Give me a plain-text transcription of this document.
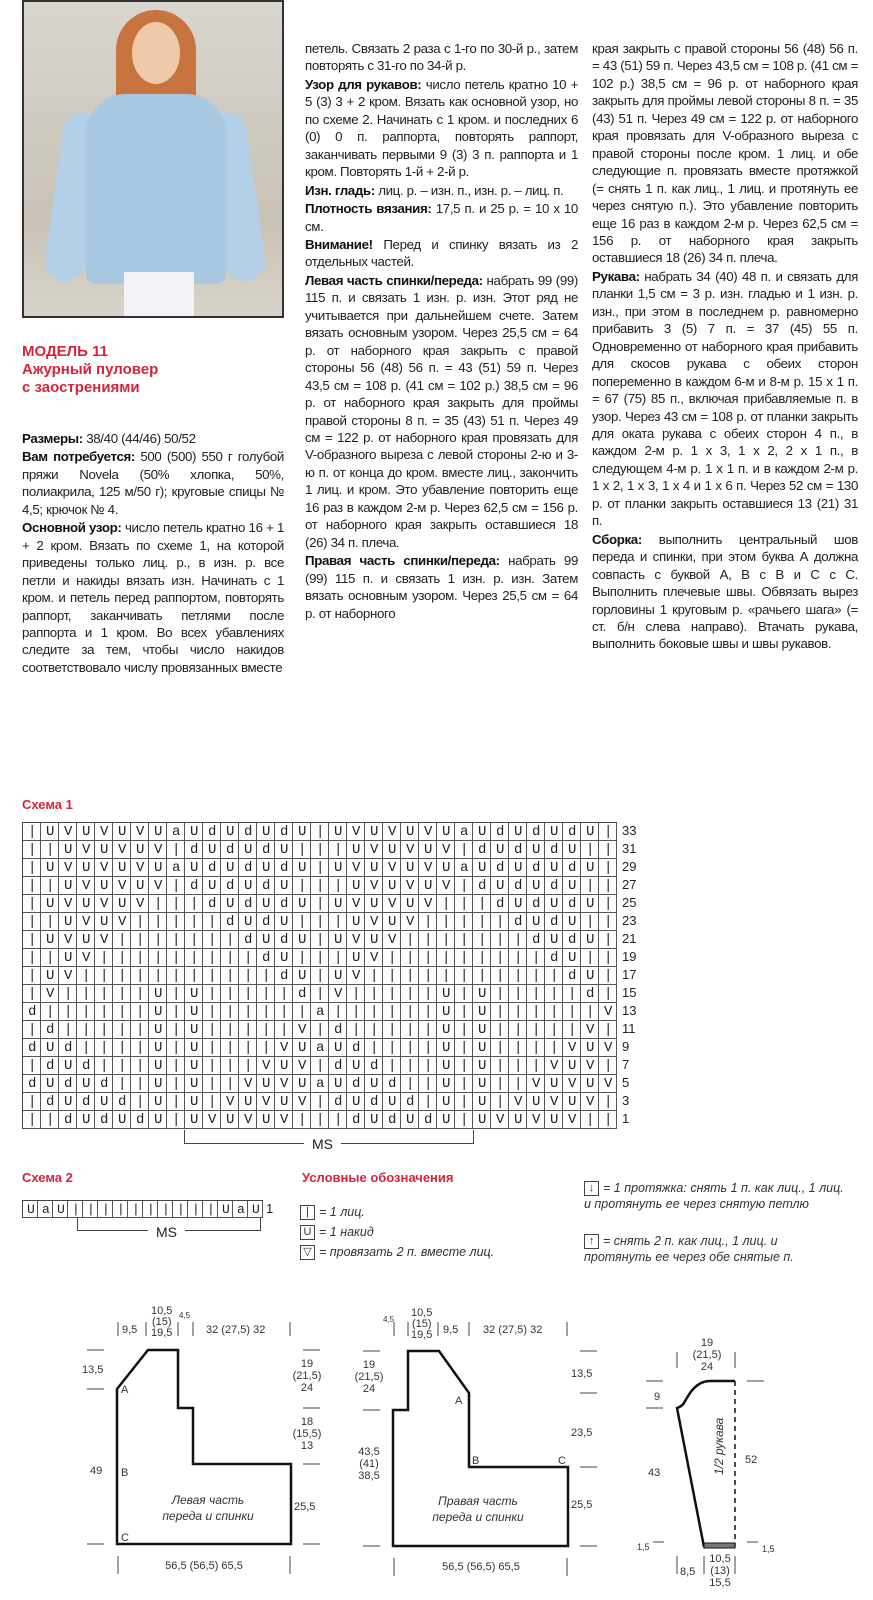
МОДЕЛЬ 11
Ажурный пуловер
с заострениями

Размеры: 38/40 (44/46) 50/52

Вам потребуется: 500 (500) 550 г голубой пряжи Novela (50% хлопка, 50%, полиакрила, 125 м/50 г); круговые спицы № 4,5; крючок № 4.

Основной узор: число петель кратно 16 + 1 + 2 кром. Вязать по схеме 1, на которой приведены только лиц. р., в изн. р. все петли и накиды вязать изн. Начинать с 1 кром. и петель перед раппортом, повторять раппорт, заканчивать петлями после раппорта и 1 кром. Во всех убавлениях следите за тем, чтобы число накидов соответствовало числу провязанных вместе

петель. Связать 2 раза с 1-го по 30-й р., затем повторять с 31-го по 34-й р.

Узор для рукавов: число петель кратно 10 + 5 (3) 3 + 2 кром. Вязать как основной узор, но по схеме 2. Начинать с 1 кром. и последних 6 (0) 0 п. раппорта, повторять раппорт, заканчивать первыми 9 (3) 3 п. раппорта и 1 кром. Повторять 1-й + 2-й р.

Изн. гладь: лиц. р. – изн. п., изн. р. – лиц. п.

Плотность вязания: 17,5 п. и 25 р. = 10 х 10 см.

Внимание! Перед и спинку вязать из 2 отдельных частей.

Левая часть спинки/переда: набрать 99 (99) 115 п. и связать 1 изн. р. изн. Этот ряд не учитывается при дальнейшем счете. Затем вязать основным узором. Через 25,5 см = 64 р. от наборного края закрыть с правой стороны 56 (48) 56 п. = 43 (51) 59 п. Через 43,5 см = 108 р. (41 см = 102 р.) 38,5 см = 96 р. от наборного края закрыть для проймы правой стороны 8 п. = 35 (43) 51 п. Через 49 см = 122 р. от наборного края провязать для V-образного выреза с левой стороны 2-ю и 3-ю п. от конца до кром. вместе лиц., закончить 1 лиц. и кром. Это убавление повторить еще 16 раз в каждом 2-м р. Через 62,5 см = 156 р. от наборного края закрыть оставшиеся 18 (26) 34 п. плеча.

Правая часть спинки/переда: набрать 99 (99) 115 п. и связать 1 изн. р. изн. Затем вязать основным узором. Через 25,5 см = 64 р. от наборного

края закрыть с правой стороны 56 (48) 56 п. = 43 (51) 59 п. Через 43,5 см = 108 р. (41 см = 102 р.) 38,5 см = 96 р. от наборного края закрыть для проймы левой стороны 8 п. = 35 (43) 51 п. Через 49 см = 122 р. от наборного края провязать для V-образного выреза с правой стороны после кром. 1 лиц. и обе следующие п. провязать вместе протяжкой (= снять 1 п. как лиц., 1 лиц. и протянуть ее через снятую п.). Это убавление повторить еще 16 раз в каждом 2-м р. Через 62,5 см = 156 р. от наборного края закрыть оставшиеся 18 (26) 34 п. плеча.

Рукава: набрать 34 (40) 48 п. и связать для планки 1,5 см = 3 р. изн. гладью и 1 изн. р. изн., при этом в последнем р. равномерно прибавить 3 (5) 7 п. = 37 (45) 55 п. Одновременно от наборного края прибавить для скосов рукава с обеих сторон попеременно в каждом 6-м и 8-м р. 15 х 1 п. = 67 (75) 85 п., включая прибавляемые п. в узор. Через 43 см = 108 р. от планки закрыть для оката рукава с обеих сторон 4 п., в каждом 2-м р. 1 х 3, 1 х 2, 2 х 1 п., в следующем 4-м р. 1 х 1 п. и в каждом 2-м р. 1 х 2, 1 х 3, 1 х 4 и 1 х 6 п. Через 52 см = 130 р. от планки закрыть оставшиеся 13 (21) 31 п.

Сборка: выполнить центральный шов переда и спинки, при этом буква А должна совпасть с буквой А, В с В и С с С. Выполнить плечевые швы. Обвязать вырез горловины 1 круговым р. «рачьего шага» (= ст. б/н слева направо). Втачать рукава, выполнить боковые швы и швы рукавов.

Схема 1
|UVUVUVUaUdUdUdU|UVUVUVUaUdUdUdU|
||UVUVUV|dUdUdU|||UVUVUV|dUdUdU||
|UVUVUVUaUdUdUdU|UVUVUVUaUdUdUdU|
||UVUVUV|dUdUdU|||UVUVUV|dUdUdU||
|UVUVUV|||dUdUdU|UVUVUV|||dUdUdU|
||UVUV|||||dUdU|||UVUV|||||dUdU||
|UVUV|||||||dUdU|UVUV|||||||dUdU|
||UV|||||||||dU|||UV|||||||||dU||
|UV|||||||||||dU|UV|||||||||||dU|
|V|||||U|U|||||d|V|||||U|U|||||d|
d||||||U|U||||||a||||||U|U||||||V
|d|||||U|U|||||V|d|||||U|U|||||V|
dUd||||U|U||||VUaUd||||U|U||||VUV
|dUd|||U|U|||VUV|dUd|||U|U|||VUV|
dUdUd||U|U||VUVUaUdUd||U|U||VUVUV
|dUdUd|U|U|VUVUV|dUdUd|U|U|VUVUV|
||dUdUdU|UVUVUV|||dUdUdU|UVUVUV||
33
31
29
27
25
23
21
19
17
15
13
11
9
7
5
3
1
MS
Схема 2
UaU||||||||||UaU
1
MS
Условные обозначения
| = 1 лиц.
U = 1 накид
▽ = провязать 2 п. вместе лиц.
↓ = 1 протяжка: снять 1 п. как лиц., 1 лиц. и протянуть ее через снятую петлю
↑ = снять 2 п. как лиц., 1 лиц. и протянуть ее через обе снятые п.
9,5
10,5
(15)
19,5
4,5
32 (27,5) 32
13,5
49
19
(21,5)
24
18
(15,5)
13
25,5
A
B
C
Левая часть
переда и спинки
56,5 (56,5) 65,5
4,5
10,5
(15)
19,5 9,5 32 (27,5) 32
19
(21,5)
24
43,5
(41)
38,5
13,5
23,5
25,5
A
B	C
Правая часть
переда и спинки
56,5 (56,5) 65,5
19
(21,5)
24
9
43
52
1,5	1,5
8,5
10,5
(13)
15,5
1/2 рукава
